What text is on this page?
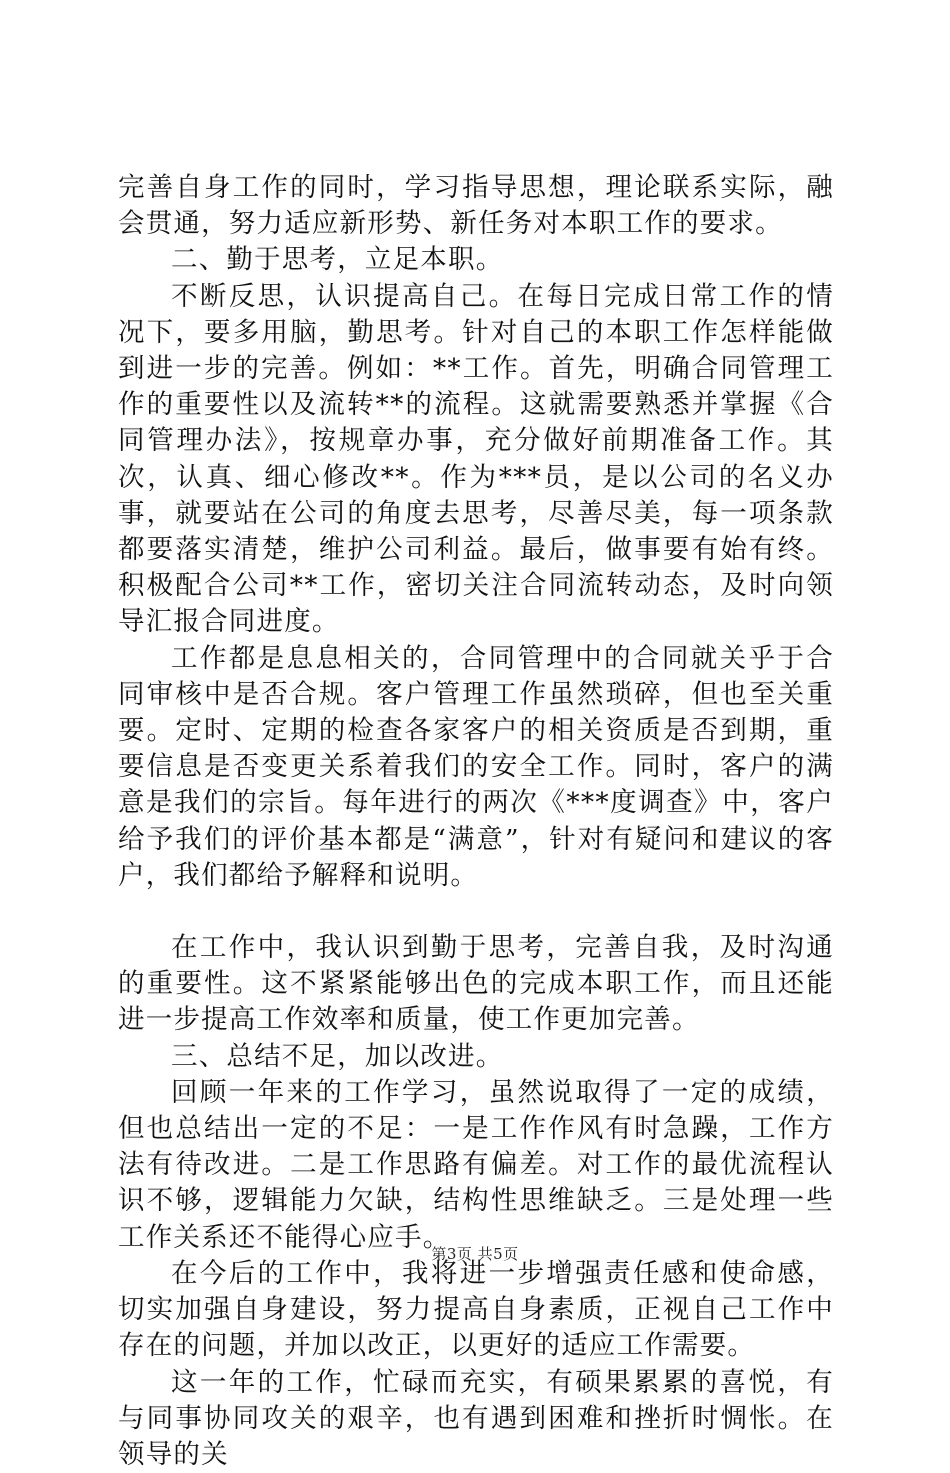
完善自身工作的同时，学习指导思想，理论联系实际，融会贯通，努力适应新形势、新任务对本职工作的要求。

二、勤于思考，立足本职。

不断反思，认识提高自己。在每日完成日常工作的情况下，要多用脑，勤思考。针对自己的本职工作怎样能做到进一步的完善。例如：**工作。首先，明确合同管理工作的重要性以及流转**的流程。这就需要熟悉并掌握《合同管理办法》，按规章办事，充分做好前期准备工作。其次，认真、细心修改**。作为***员，是以公司的名义办事，就要站在公司的角度去思考，尽善尽美，每一项条款都要落实清楚，维护公司利益。最后，做事要有始有终。积极配合公司**工作，密切关注合同流转动态，及时向领导汇报合同进度。

工作都是息息相关的，合同管理中的合同就关乎于合同审核中是否合规。客户管理工作虽然琐碎，但也至关重要。定时、定期的检查各家客户的相关资质是否到期，重要信息是否变更关系着我们的安全工作。同时，客户的满意是我们的宗旨。每年进行的两次《***度调查》中，客户给予我们的评价基本都是“满意”，针对有疑问和建议的客户，我们都给予解释和说明。

在工作中，我认识到勤于思考，完善自我，及时沟通的重要性。这不紧紧能够出色的完成本职工作，而且还能进一步提高工作效率和质量，使工作更加完善。

三、总结不足，加以改进。

回顾一年来的工作学习，虽然说取得了一定的成绩，但也总结出一定的不足：一是工作作风有时急躁，工作方法有待改进。二是工作思路有偏差。对工作的最优流程认识不够，逻辑能力欠缺，结构性思维缺乏。三是处理一些工作关系还不能得心应手。

在今后的工作中，我将进一步增强责任感和使命感，切实加强自身建设，努力提高自身素质，正视自己工作中存在的问题，并加以改正，以更好的适应工作需要。

这一年的工作，忙碌而充实，有硕果累累的喜悦，有与同事协同攻关的艰辛，也有遇到困难和挫折时惆怅。在领导的关

第3页 共5页
